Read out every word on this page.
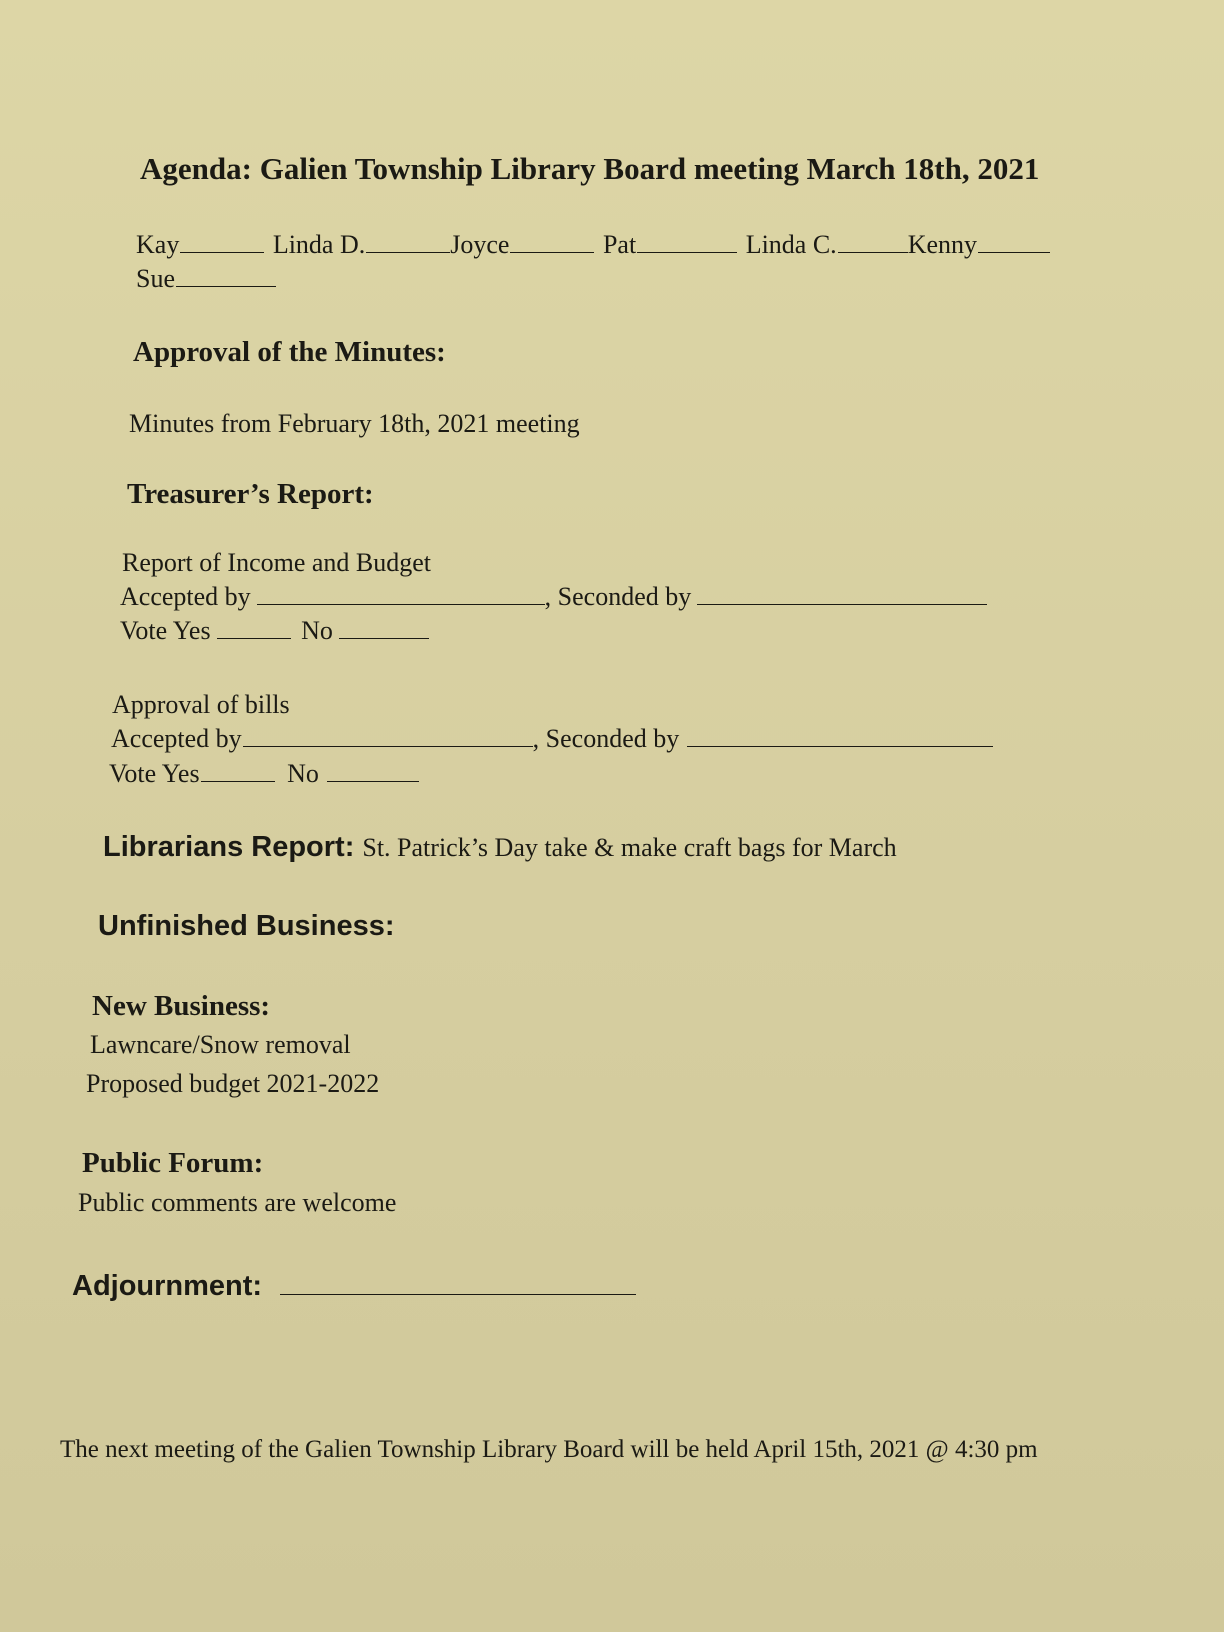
Agenda: Galien Township Library Board meeting March 18th, 2021
Kay	Linda D.	Joyce	Pat	Linda C.	Kenny
Sue
Approval of the Minutes:
Minutes from February 18th, 2021 meeting
Treasurer’s Report:
Report of Income and Budget
Accepted by	, Seconded by
Vote Yes	No
Approval of bills
Accepted by	, Seconded by
Vote Yes	No
Librarians Report: St. Patrick’s Day take & make craft bags for March
Unfinished Business:
New Business:
Lawncare/Snow removal
Proposed budget 2021-2022
Public Forum:
Public comments are welcome
Adjournment:
The next meeting of the Galien Township Library Board will be held April 15th, 2021 @ 4:30 pm
